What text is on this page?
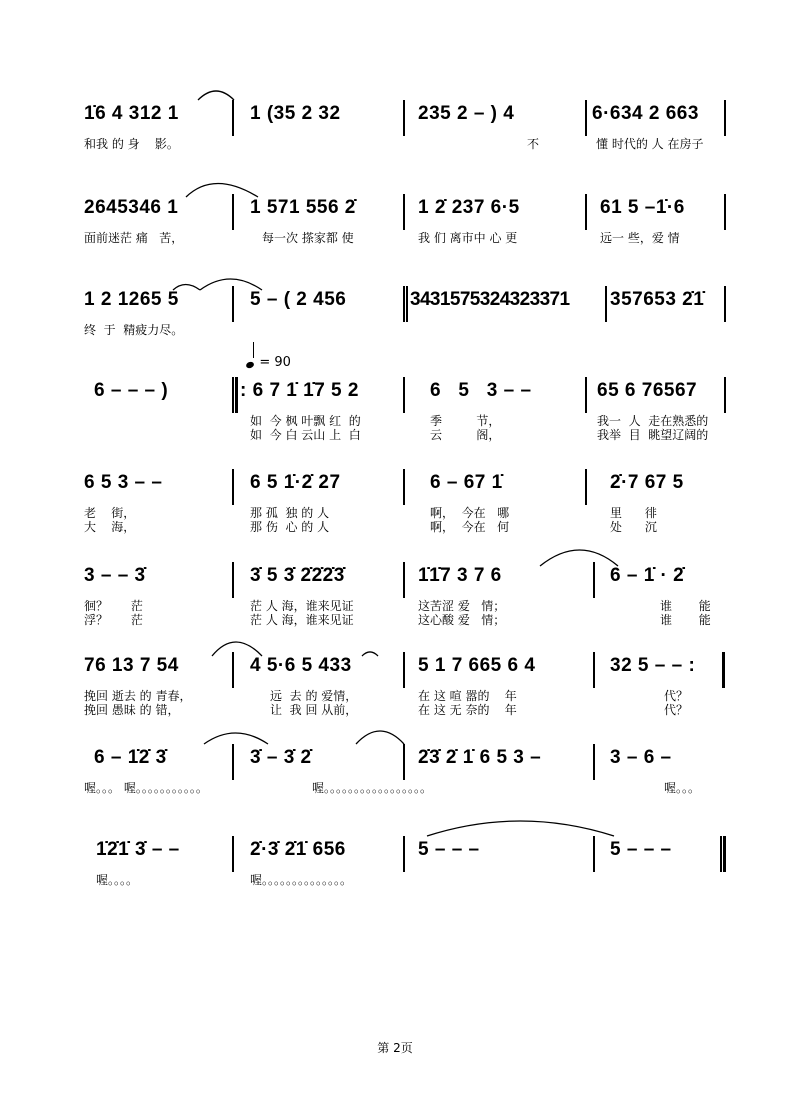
= 90
1̇6 4 312 1	1 (35 2 32	235 2 – ) 4	6·634 2 663
和我 的 身    影。	不	懂 时代的 人 在房子
2645346 1	1 571 556 2̇	1 2̇ 237 6·5	61 5 –1̇·6
面前迷茫 痛   苦，	每一次 搽家都 使	我 们 离市中 心 更	远一 些，爱 情
1 2 1265 5	5 – ( 2 456	3431575324323371 357653 2̇1̇
终  于  精疲力尽。
6 – – – )	: 6 7 1̇ 1̇7 5 2	6   5   3 – –	65 6 76567
如  今 枫 叶飘 红  的
如  今 白 云山 上  白
季         节，
云         阁，
我一  人  走在熟悉的
我举  目  眺望辽阔的
6 5 3 – –	6 5 1̇·2̇ 27	6 – 67 1̇	2̇·7 67 5
老    街，
大    海，
那 孤  独 的 人
那 伤  心 的 人
啊，  今在   哪
啊，  今在   何
里      徘
处      沉
3 – – 3̇	3̇ 5 3̇ 2̇2̇2̇3̇	1̇1̇7 3 7 6	6 – 1̇ · 2̇
徊？      茫
浮？      茫
茫 人 海，谁来见证
茫 人 海，谁来见证
这苦涩 爱   情；
这心酸 爱   情；
谁       能
谁       能
76 13 7 54	4 5·6 5 433	5 1 7 665 6 4	32 5 – – :
挽回 逝去 的 青春，
挽回 愚昧 的 错，
远  去 的 爱情，
让  我 回 从前，
在 这 喧 嚣的    年
在 这 无 奈的    年
代？
代？
6 – 1̇2̇ 3̇	3̇ – 3̇ 2̇	2̇3̇ 2̇ 1̇ 6 5 3 –	3 – 6 –
喔。。。 喔。。。。。。。。。。。	喔。。。。。。。。。。。。。。。。。	喔。。。
1̇2̇1̇ 3̇ – –	2̇·3̇ 2̇1̇ 656	5 – – –	5 – – –
喔。。。。	喔。。。。。。。。。。。。。。
第 2页
